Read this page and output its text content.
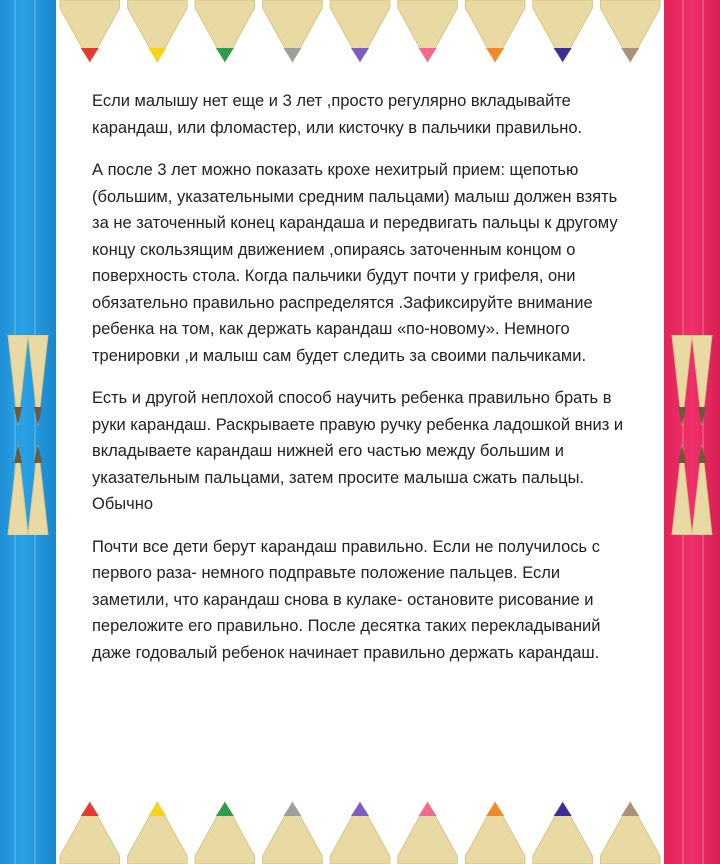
Если малышу нет еще и 3 лет ,просто регулярно вкладывайте карандаш, или фломастер, или кисточку в пальчики правильно.

А после 3 лет можно показать крохе нехитрый прием: щепотью (большим, указательными средним пальцами) малыш должен взять за не заточенный конец карандаша и передвигать пальцы к другому концу скользящим движением ,опираясь заточенным концом о поверхность стола. Когда пальчики будут почти у грифеля, они обязательно правильно распределятся .Зафиксируйте внимание ребенка на том, как держать карандаш «по-новому». Немного тренировки ,и малыш сам будет следить за своими пальчиками.

Есть и другой неплохой способ научить ребенка правильно брать в руки карандаш. Раскрываете правую ручку ребенка ладошкой вниз и вкладываете карандаш нижней его частью между большим и указательным пальцами, затем просите малыша сжать пальцы. Обычно

Почти все дети берут карандаш правильно. Если не получилось с первого раза- немного подправьте положение пальцев. Если заметили, что карандаш снова в кулаке- остановите рисование и переложите его правильно. После десятка таких перекладываний даже годовалый ребенок начинает правильно держать карандаш.
